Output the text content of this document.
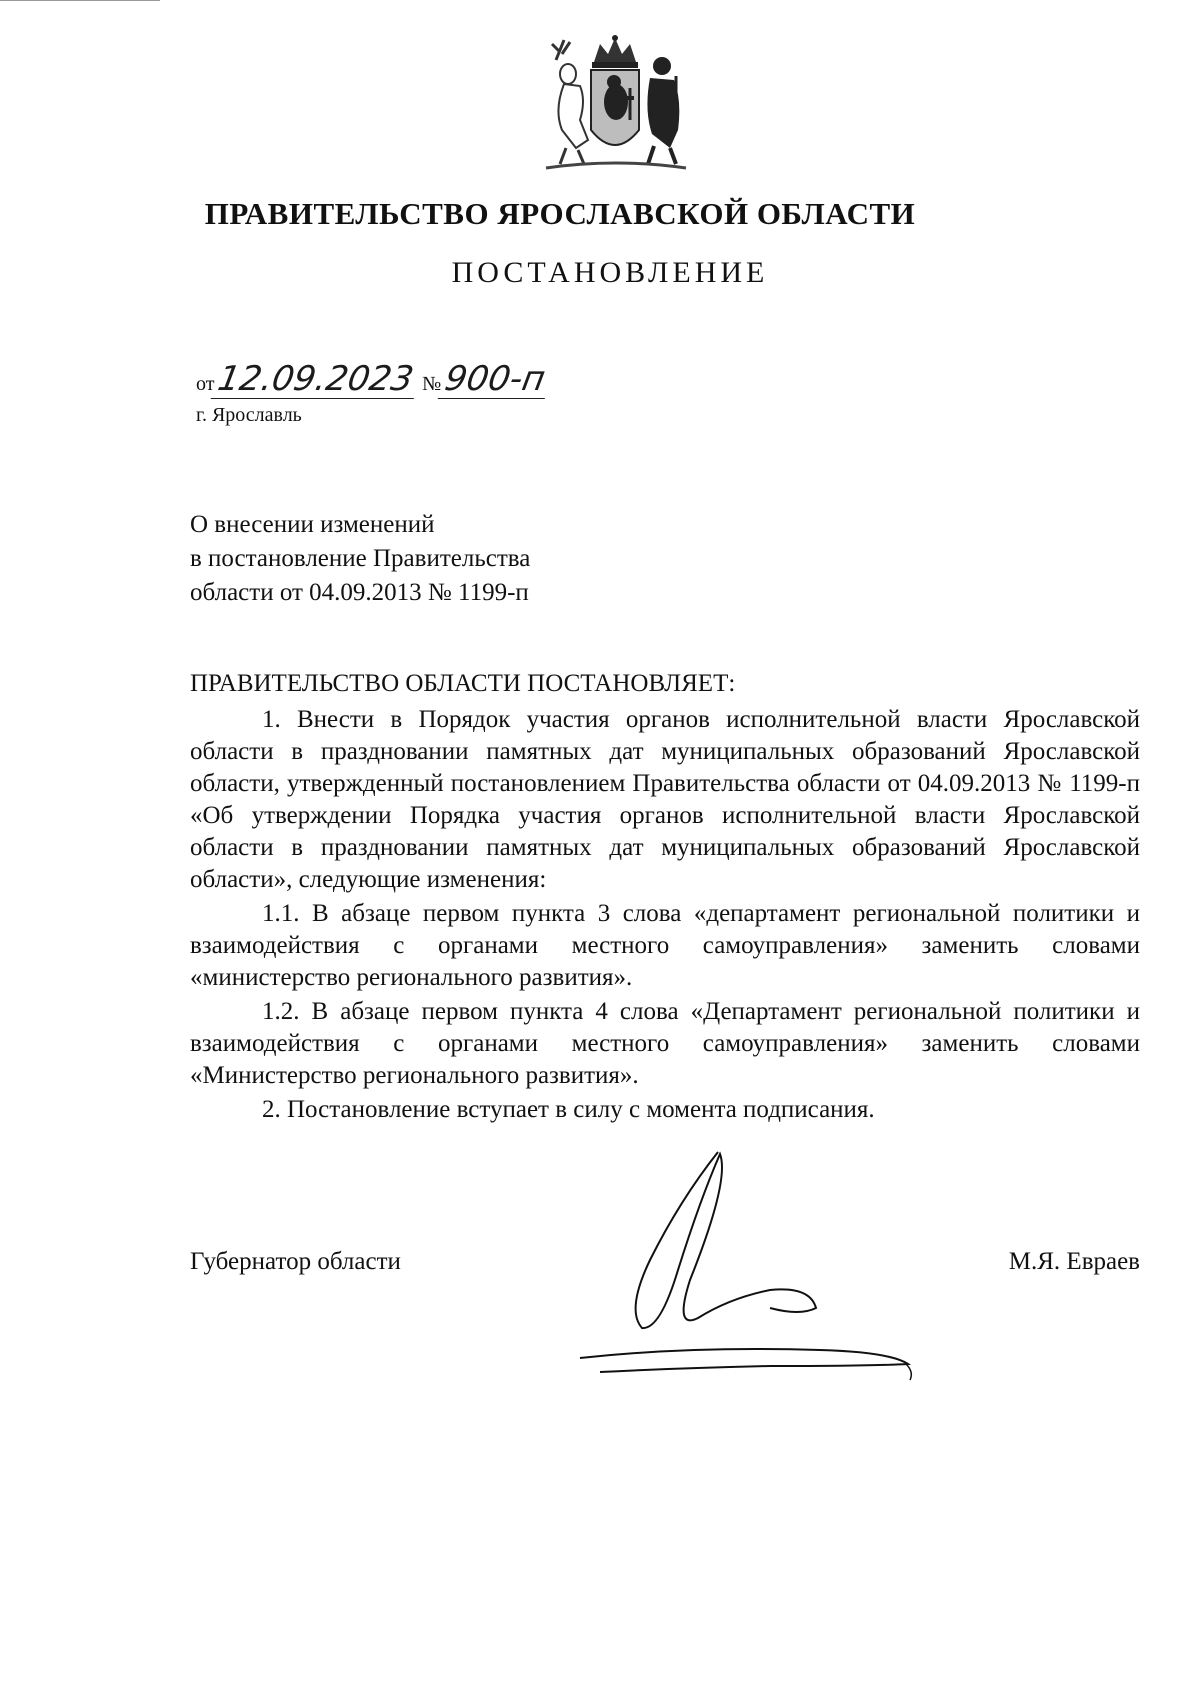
ПРАВИТЕЛЬСТВО ЯРОСЛАВСКОЙ ОБЛАСТИ
ПОСТАНОВЛЕНИЕ
от12.09.2023 №900-п
г. Ярославль
О внесении изменений
в постановление Правительства
области от 04.09.2013 № 1199-п
ПРАВИТЕЛЬСТВО ОБЛАСТИ ПОСТАНОВЛЯЕТ:

1. Внести в Порядок участия органов исполнительной власти Ярославской области в праздновании памятных дат муниципальных образований Ярославской области, утвержденный постановлением Правительства области от 04.09.2013 № 1199-п «Об утверждении Порядка участия органов исполнительной власти Ярославской области в праздновании памятных дат муниципальных образований Ярославской области», следующие изменения:

1.1. В абзаце первом пункта 3 слова «департамент региональной политики и взаимодействия с органами местного самоуправления» заменить словами «министерство регионального развития».

1.2. В абзаце первом пункта 4 слова «Департамент региональной политики и взаимодействия с органами местного самоуправления» заменить словами «Министерство регионального развития».

2. Постановление вступает в силу с момента подписания.

Губернатор области	М.Я. Евраев
